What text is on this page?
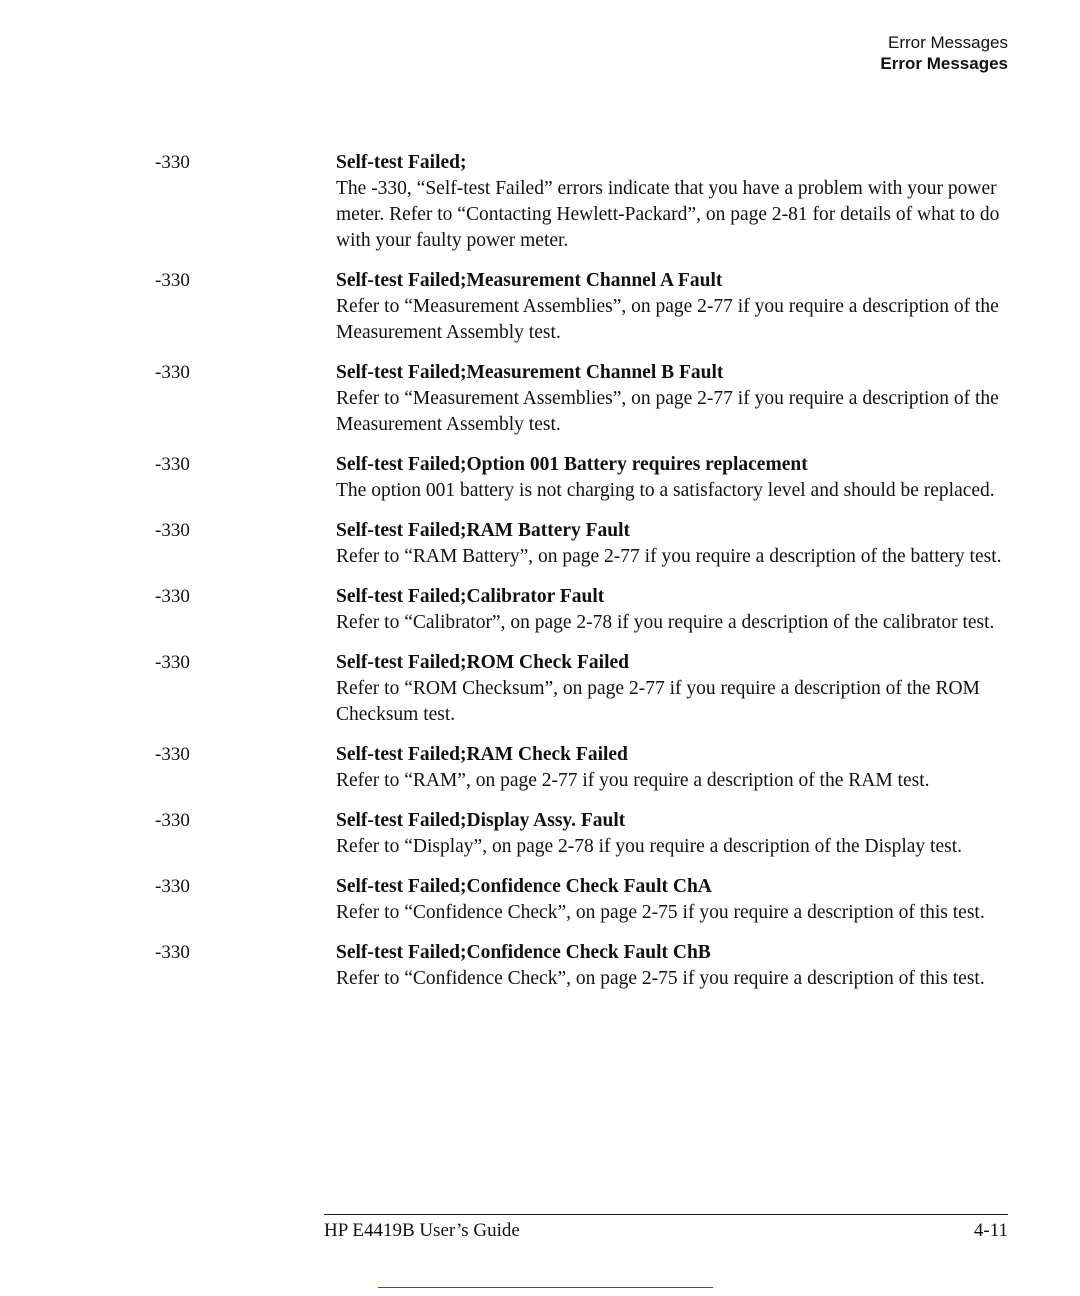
Error Messages
Error Messages
-330	Self-test Failed;
The -330, “Self-test Failed” errors indicate that you have a problem with your power meter. Refer to “Contacting Hewlett-Packard”, on page 2-81 for details of what to do with your faulty power meter.
-330	Self-test Failed;Measurement Channel A Fault
Refer to “Measurement Assemblies”, on page 2-77 if you require a description of the Measurement Assembly test.
-330	Self-test Failed;Measurement Channel B Fault
Refer to “Measurement Assemblies”, on page 2-77 if you require a description of the Measurement Assembly test.
-330	Self-test Failed;Option 001 Battery requires replacement
The option 001 battery is not charging to a satisfactory level and should be replaced.
-330	Self-test Failed;RAM Battery Fault
Refer to “RAM Battery”, on page 2-77 if you require a description of the battery test.
-330	Self-test Failed;Calibrator Fault
Refer to “Calibrator”, on page 2-78 if you require a description of the calibrator test.
-330	Self-test Failed;ROM Check Failed
Refer to “ROM Checksum”, on page 2-77 if you require a description of the ROM Checksum test.
-330	Self-test Failed;RAM Check Failed
Refer to “RAM”, on page 2-77 if you require a description of the RAM test.
-330	Self-test Failed;Display Assy. Fault
Refer to “Display”, on page 2-78 if you require a description of the Display test.
-330	Self-test Failed;Confidence Check Fault ChA
Refer to “Confidence Check”, on page 2-75 if you require a description of this test.
-330	Self-test Failed;Confidence Check Fault ChB
Refer to “Confidence Check”, on page 2-75 if you require a description of this test.
HP E4419B User’s Guide	4-11
